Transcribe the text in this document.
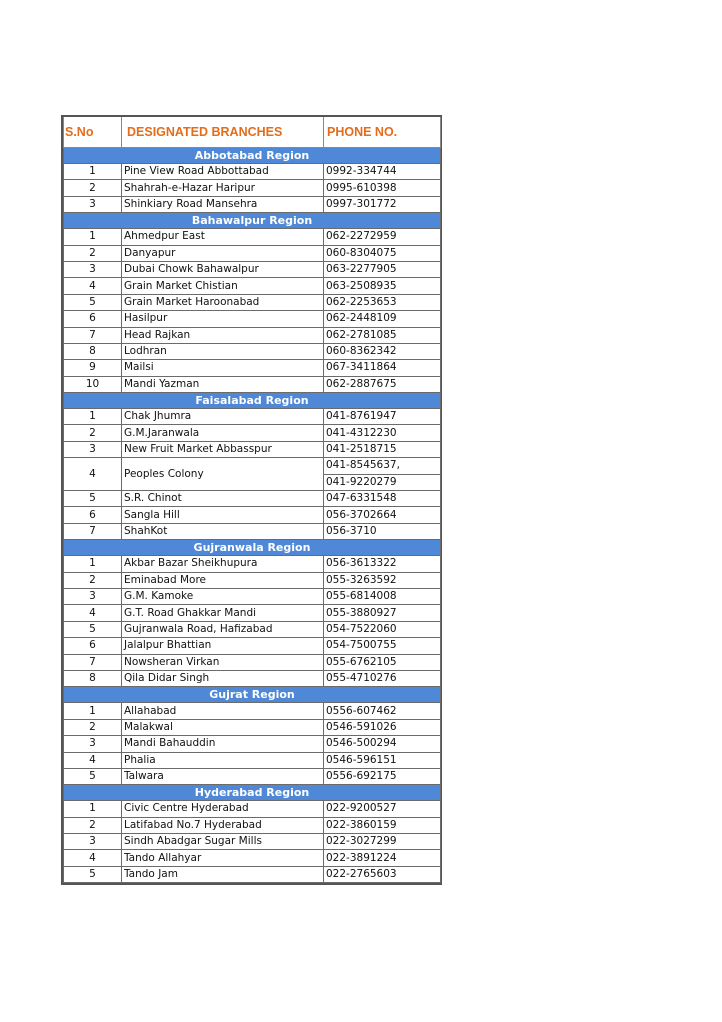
S.No	DESIGNATED BRANCHES	PHONE NO.
Abbotabad Region		
1	Pine View Road Abbottabad	0992-334744
2	Shahrah-e-Hazar Haripur	0995-610398
3	Shinkiary Road Mansehra	0997-301772
Bahawalpur Region		
1	Ahmedpur East	062-2272959
2	Danyapur	060-8304075
3	Dubai Chowk Bahawalpur	063-2277905
4	Grain Market Chistian	063-2508935
5	Grain Market Haroonabad	062-2253653
6	Hasilpur	062-2448109
7	Head Rajkan	062-2781085
8	Lodhran	060-8362342
9	Mailsi	067-3411864
10	Mandi Yazman	062-2887675
Faisalabad Region		
1	Chak Jhumra	041-8761947
2	G.M.Jaranwala	041-4312230
3	New Fruit Market Abbasspur	041-2518715
4	Peoples Colony	041-8545637,
		041-9220279
5	S.R. Chinot	047-6331548
6	Sangla Hill	056-3702664
7	ShahKot	056-3710
Gujranwala Region		
1	Akbar Bazar Sheikhupura	056-3613322
2	Eminabad More	055-3263592
3	G.M. Kamoke	055-6814008
4	G.T. Road Ghakkar Mandi	055-3880927
5	Gujranwala Road, Hafizabad	054-7522060
6	Jalalpur Bhattian	054-7500755
7	Nowsheran Virkan	055-6762105
8	Qila Didar Singh	055-4710276
Gujrat Region		
1	Allahabad	0556-607462
2	Malakwal	0546-591026
3	Mandi Bahauddin	0546-500294
4	Phalia	0546-596151
5	Talwara	0556-692175
Hyderabad Region		
1	Civic Centre Hyderabad	022-9200527
2	Latifabad No.7 Hyderabad	022-3860159
3	Sindh Abadgar Sugar Mills	022-3027299
4	Tando Allahyar	022-3891224
5	Tando Jam	022-2765603
